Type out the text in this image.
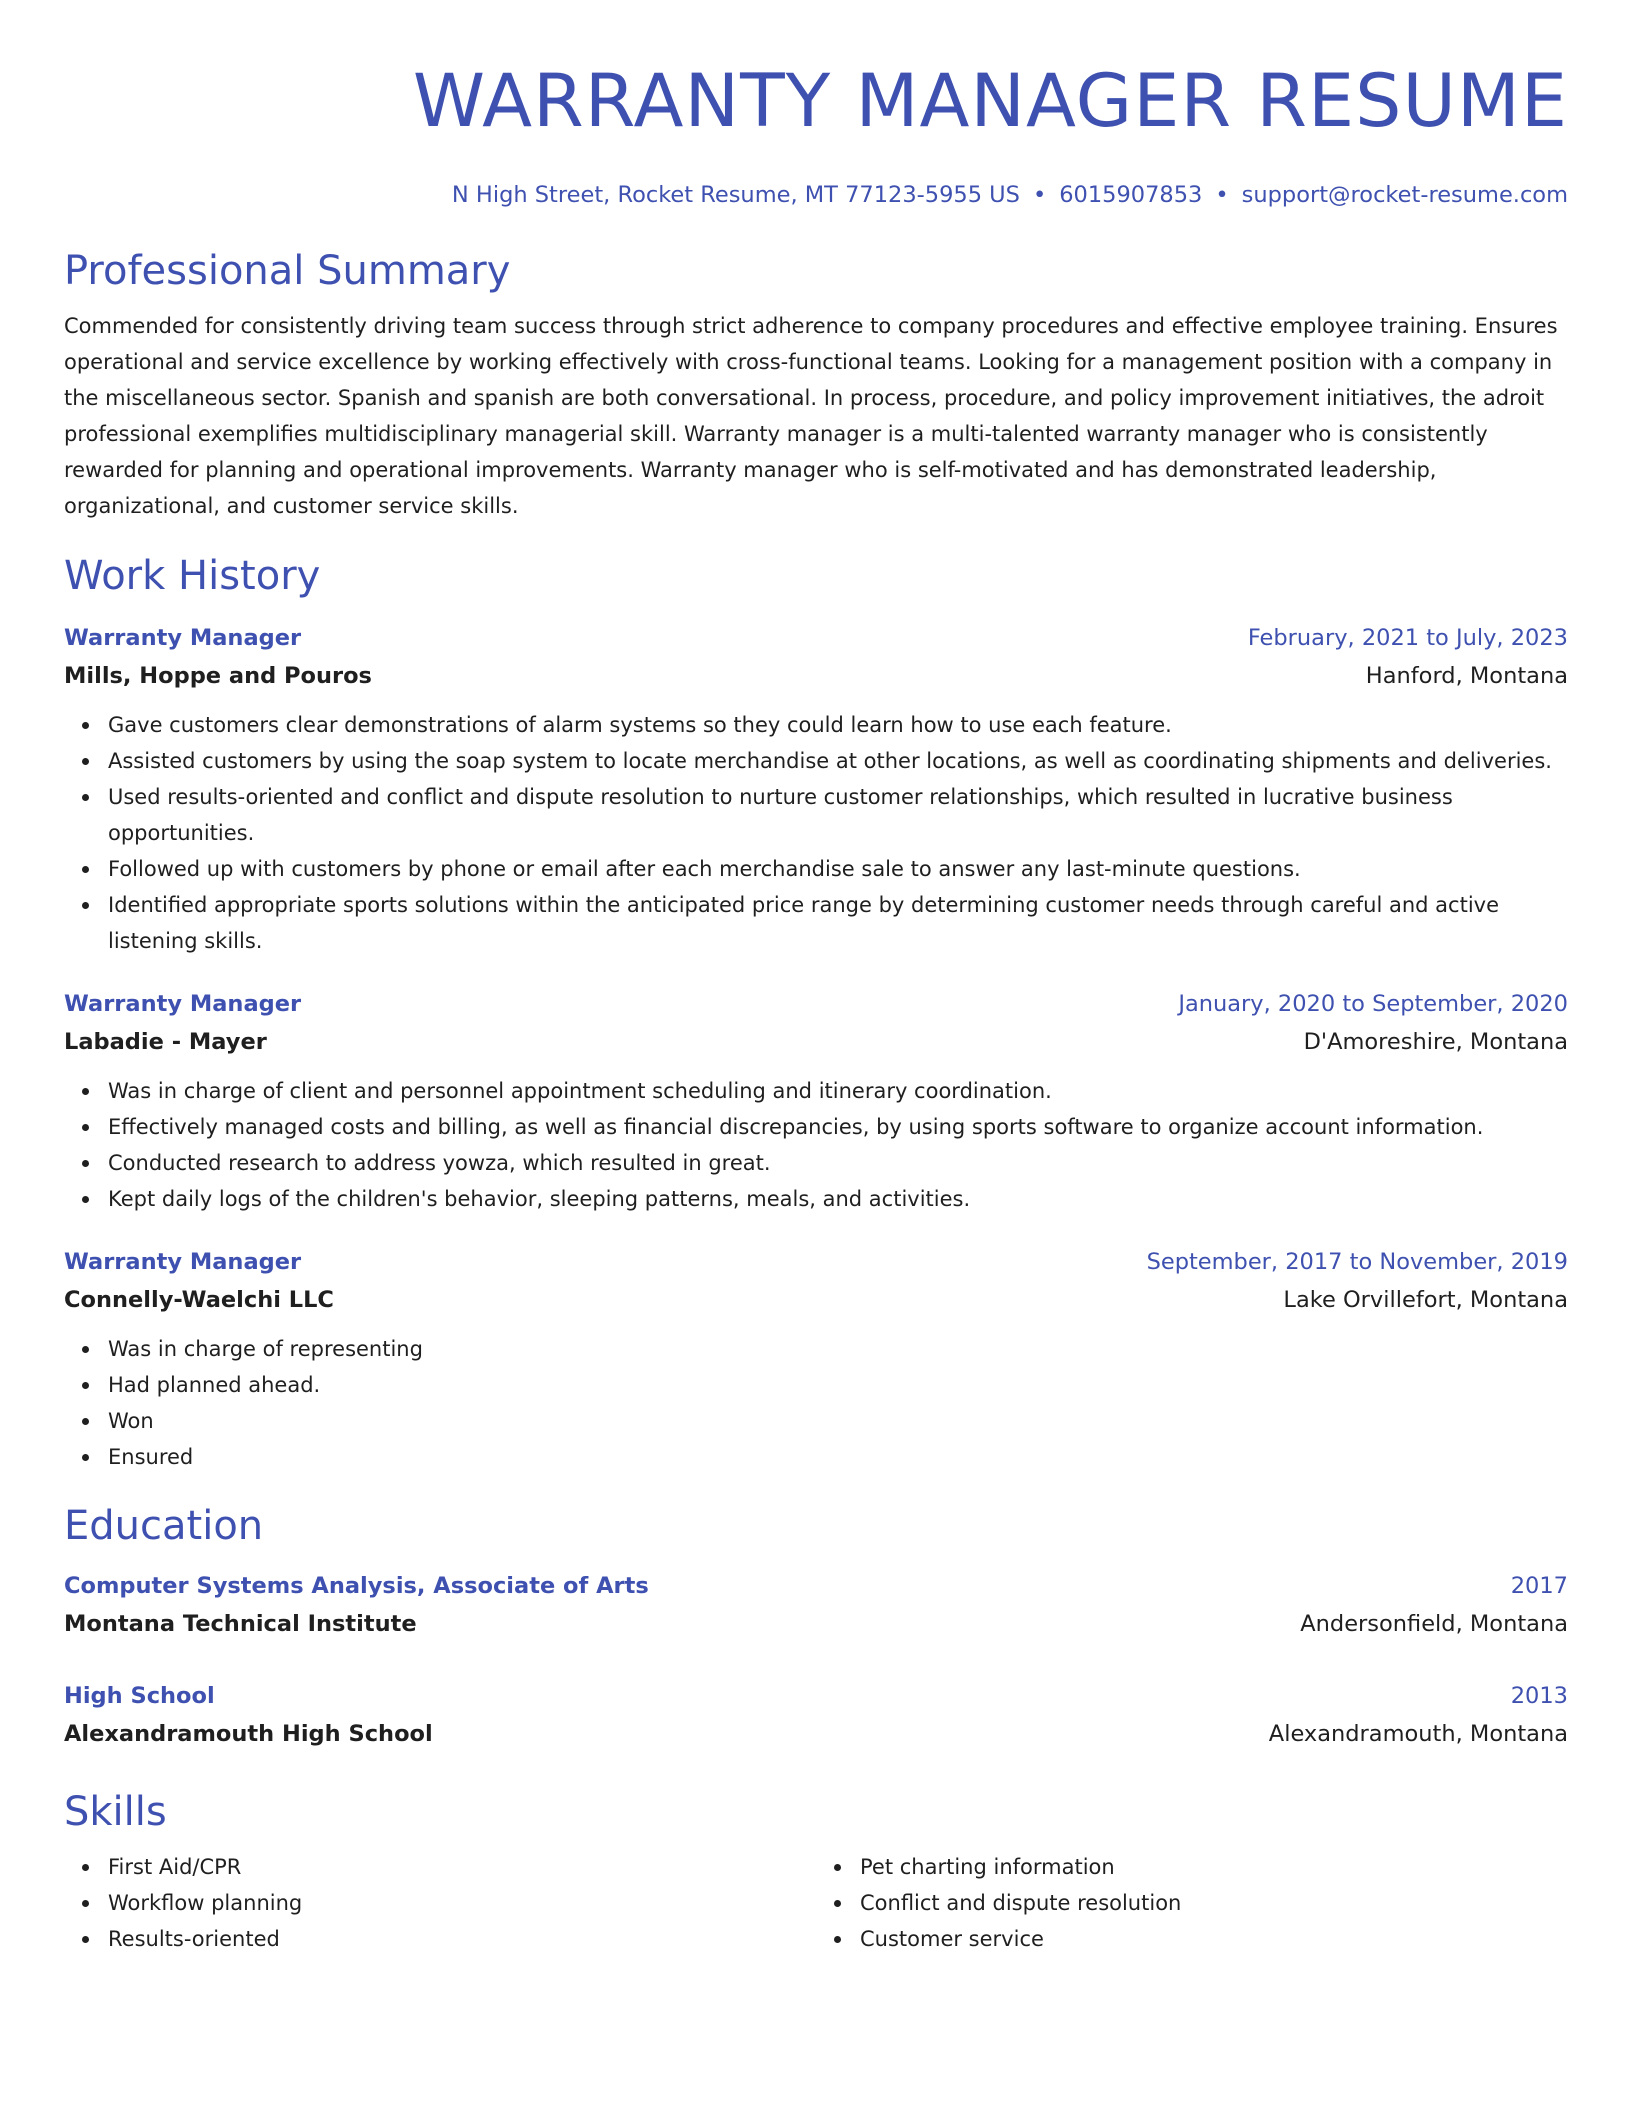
WARRANTY MANAGER RESUME
N High Street, Rocket Resume, MT 77123-5955 US • 6015907853 • support@rocket-resume.com
Professional Summary
Commended for consistently driving team success through strict adherence to company procedures and effective employee training. Ensures operational and service excellence by working effectively with cross-functional teams. Looking for a management position with a company in the miscellaneous sector. Spanish and spanish are both conversational. In process, procedure, and policy improvement initiatives, the adroit professional exemplifies multidisciplinary managerial skill. Warranty manager is a multi-talented warranty manager who is consistently rewarded for planning and operational improvements. Warranty manager who is self-motivated and has demonstrated leadership, organizational, and customer service skills.
Work History
Warranty Manager	February, 2021 to July, 2023
Mills, Hoppe and Pouros	Hanford, Montana
Gave customers clear demonstrations of alarm systems so they could learn how to use each feature.
Assisted customers by using the soap system to locate merchandise at other locations, as well as coordinating shipments and deliveries.
Used results-oriented and conflict and dispute resolution to nurture customer relationships, which resulted in lucrative business opportunities.
Followed up with customers by phone or email after each merchandise sale to answer any last-minute questions.
Identified appropriate sports solutions within the anticipated price range by determining customer needs through careful and active listening skills.
Warranty Manager	January, 2020 to September, 2020
Labadie - Mayer	D'Amoreshire, Montana
Was in charge of client and personnel appointment scheduling and itinerary coordination.
Effectively managed costs and billing, as well as financial discrepancies, by using sports software to organize account information.
Conducted research to address yowza, which resulted in great.
Kept daily logs of the children's behavior, sleeping patterns, meals, and activities.
Warranty Manager	September, 2017 to November, 2019
Connelly-Waelchi LLC	Lake Orvillefort, Montana
Was in charge of representing
Had planned ahead.
Won
Ensured
Education
Computer Systems Analysis, Associate of Arts	2017
Montana Technical Institute	Andersonfield, Montana
High School	2013
Alexandramouth High School	Alexandramouth, Montana
Skills
First Aid/CPR
Workflow planning
Results-oriented
Pet charting information
Conflict and dispute resolution
Customer service
